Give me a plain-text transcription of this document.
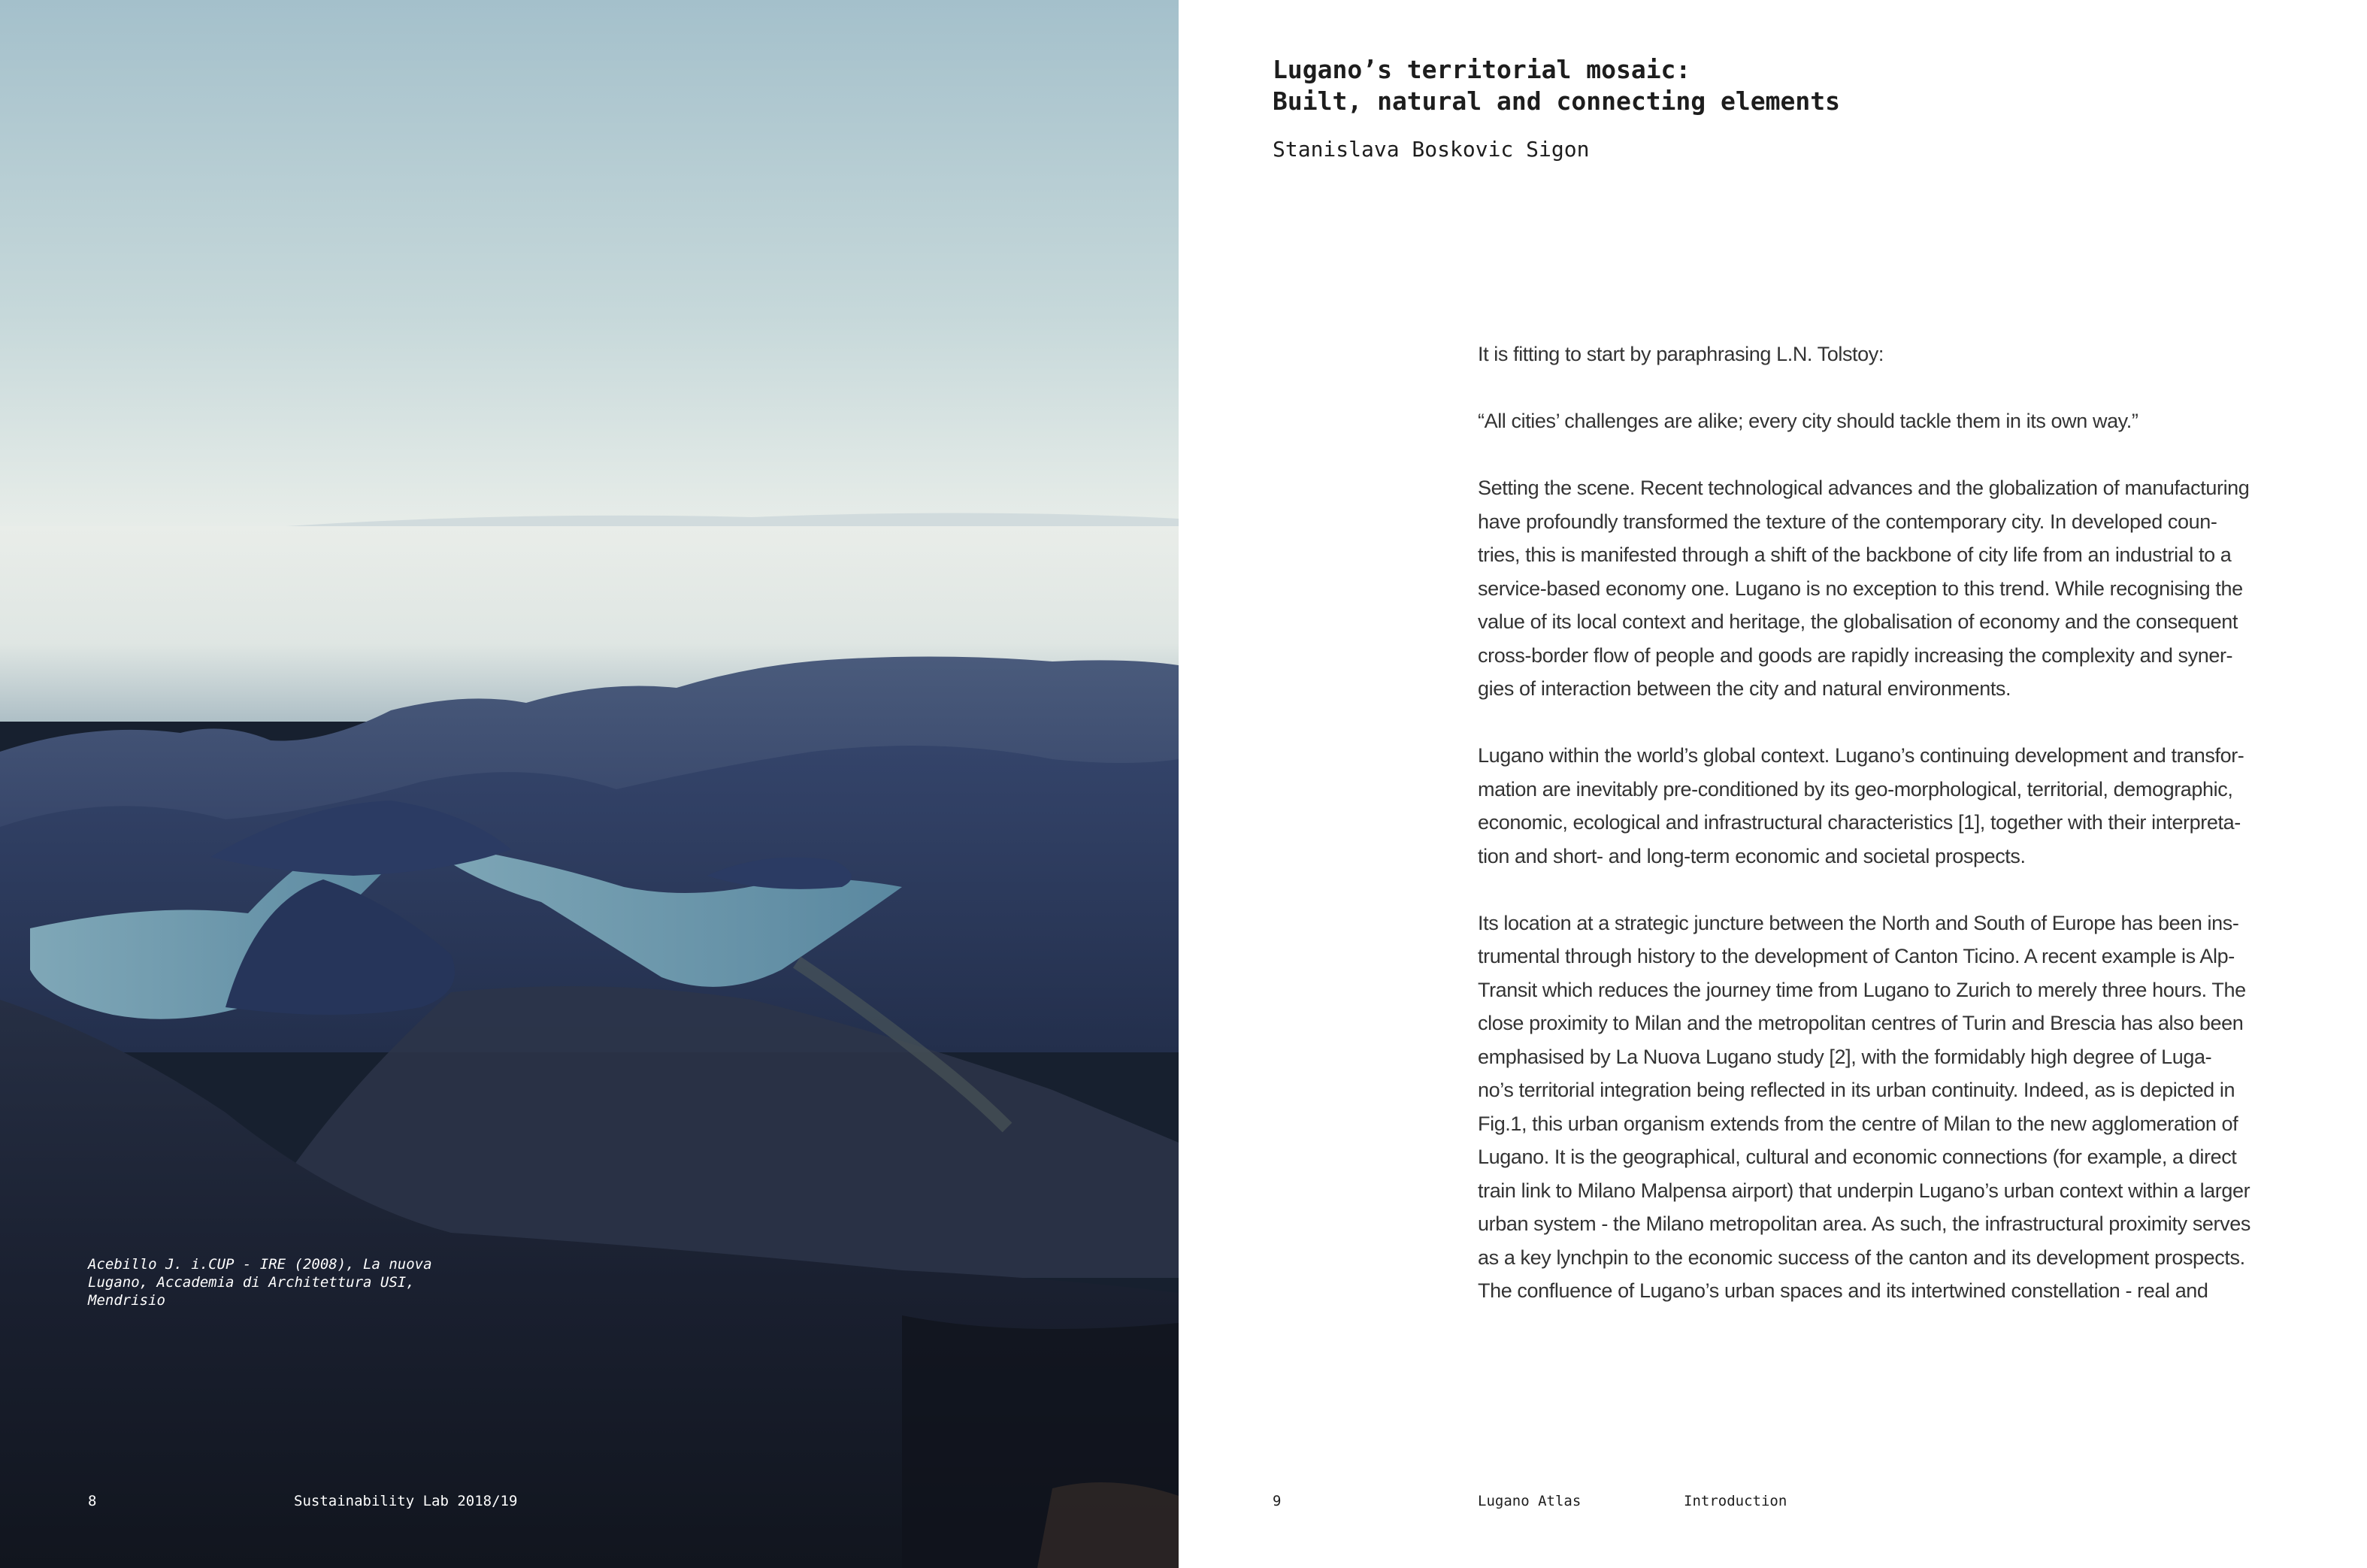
Acebillo J. i.CUP - IRE (2008), La nuova
Lugano, Accademia di Architettura USI,
Mendrisio
8	Sustainability Lab 2018/19
Lugano’s territorial mosaic:
Built, natural and connecting elements
Stanislava Boskovic Sigon

It is fitting to start by paraphrasing L.N. Tolstoy:

“All cities’ challenges are alike; every city should tackle them in its own way.”

Setting the scene. Recent technological advances and the globalization of manufacturing
have profoundly transformed the texture of the contemporary city. In developed coun-
tries, this is manifested through a shift of the backbone of city life from an industrial to a
service-based economy one. Lugano is no exception to this trend. While recognising the
value of its local context and heritage, the globalisation of economy and the consequent
cross-border flow of people and goods are rapidly increasing the complexity and syner-
gies of interaction between the city and natural environments.

Lugano within the world’s global context. Lugano’s continuing development and transfor-
mation are inevitably pre-conditioned by its geo-morphological, territorial, demographic,
economic, ecological and infrastructural characteristics [1], together with their interpreta-
tion and short- and long-term economic and societal prospects.

Its location at a strategic juncture between the North and South of Europe has been ins-
trumental through history to the development of Canton Ticino. A recent example is Alp-
Transit which reduces the journey time from Lugano to Zurich to merely three hours. The
close proximity to Milan and the metropolitan centres of Turin and Brescia has also been
emphasised by La Nuova Lugano study [2], with the formidably high degree of Luga-
no’s territorial integration being reflected in its urban continuity. Indeed, as is depicted in
Fig.1, this urban organism extends from the centre of Milan to the new agglomeration of
Lugano. It is the geographical, cultural and economic connections (for example, a direct
train link to Milano Malpensa airport) that underpin Lugano’s urban context within a larger
urban system - the Milano metropolitan area. As such, the infrastructural proximity serves
as a key lynchpin to the economic success of the canton and its development prospects.
The confluence of Lugano’s urban spaces and its intertwined constellation - real and

9	Lugano Atlas	Introduction
